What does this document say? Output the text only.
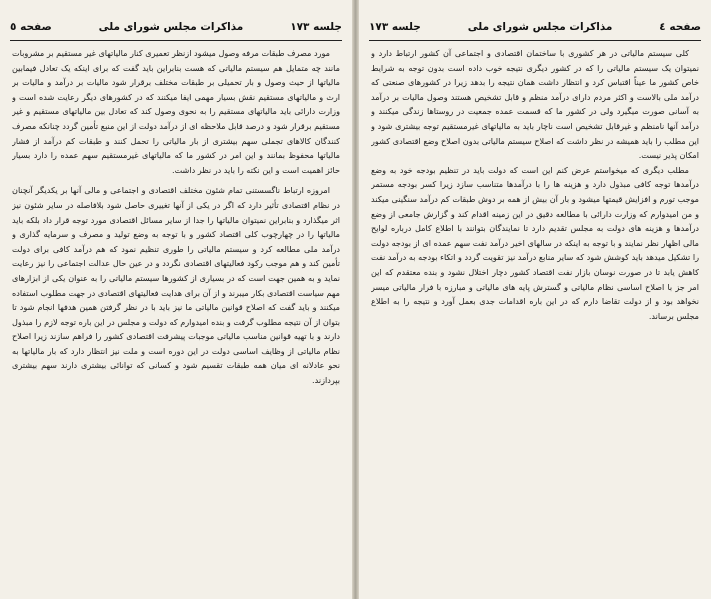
جلسه ۱۷۳
مذاکرات مجلس شورای ملی
صفحه ٥

مورد مصرف طبقات مرفه وصول میشود ازنظر تعمیری کنار مالیاتهای غیر مستقیم بر مشروبات مانند چه متمایل هم سیستم مالیاتی که هست بنابراین باید گفت که برای اینکه یک تعادل فیمابین مالیاتها از حیث وصول و بار تحمیلی بر طبقات مختلف برقرار شود مالیات بر درآمد و مالیات بر ارث و مالیاتهای مستقیم نقش بسیار مهمی ایفا میکنند که در کشورهای دیگر رعایت شده است و وزارت دارائی باید مالیاتهای مستقیم را به نحوی وصول کند که تعادل بین مالیاتهای مستقیم و غیر مستقیم برقرار شود و درصد قابل ملاحظه ای از درآمد دولت از این منبع تأمین گردد چنانکه مصرف کنندگان کالاهای تجملی سهم بیشتری از بار مالیاتی را تحمل کنند و طبقات کم درآمد از فشار مالیاتها محفوظ بمانند و این امر در کشور ما که مالیاتهای غیرمستقیم سهم عمده را دارد بسیار حائز اهمیت است و این نکته را باید در نظر داشت.

امروزه ارتباط ناگسستنی تمام شئون مختلف اقتصادی و اجتماعی و مالی آنها بر یکدیگر آنچنان در نظام اقتصادی تأثیر دارد که اگر در یکی از آنها تغییری حاصل شود بلافاصله در سایر شئون نیز اثر میگذارد و بنابراین نمیتوان مالیاتها را جدا از سایر مسائل اقتصادی مورد توجه قرار داد بلکه باید مالیاتها را در چهارچوب کلی اقتصاد کشور و با توجه به وضع تولید و مصرف و سرمایه گذاری و درآمد ملی مطالعه کرد و سیستم مالیاتی را طوری تنظیم نمود که هم درآمد کافی برای دولت تأمین کند و هم موجب رکود فعالیتهای اقتصادی نگردد و در عین حال عدالت اجتماعی را نیز رعایت نماید و به همین جهت است که در بسیاری از کشورها سیستم مالیاتی را به عنوان یکی از ابزارهای مهم سیاست اقتصادی بکار میبرند و از آن برای هدایت فعالیتهای اقتصادی در جهت مطلوب استفاده میکنند و باید گفت که اصلاح قوانین مالیاتی ما نیز باید با در نظر گرفتن همین هدفها انجام شود تا بتوان از آن نتیجه مطلوب گرفت و بنده امیدوارم که دولت و مجلس در این باره توجه لازم را مبذول دارند و با تهیه قوانین مناسب مالیاتی موجبات پیشرفت اقتصادی کشور را فراهم سازند زیرا اصلاح نظام مالیاتی از وظایف اساسی دولت در این دوره است و ملت نیز انتظار دارد که بار مالیاتها به نحو عادلانه ای میان همه طبقات تقسیم شود و کسانی که توانائی بیشتری دارند سهم بیشتری بپردازند.

صفحه ٤
مذاکرات مجلس شورای ملی
جلسه ۱۷۳

کلی سیستم مالیاتی در هر کشوری با ساختمان اقتصادی و اجتماعی آن کشور ارتباط دارد و نمیتوان یک سیستم مالیاتی را که در کشور دیگری نتیجه خوب داده است بدون توجه به شرایط خاص کشور ما عیناً اقتباس کرد و انتظار داشت همان نتیجه را بدهد زیرا در کشورهای صنعتی که درآمد ملی بالاست و اکثر مردم دارای درآمد منظم و قابل تشخیص هستند وصول مالیات بر درآمد به آسانی صورت میگیرد ولی در کشور ما که قسمت عمده جمعیت در روستاها زندگی میکنند و درآمد آنها نامنظم و غیرقابل تشخیص است ناچار باید به مالیاتهای غیرمستقیم توجه بیشتری شود و این مطلب را باید همیشه در نظر داشت که اصلاح سیستم مالیاتی بدون اصلاح وضع اقتصادی کشور امکان پذیر نیست.

مطلب دیگری که میخواستم عرض کنم این است که دولت باید در تنظیم بودجه خود به وضع درآمدها توجه کافی مبذول دارد و هزینه ها را با درآمدها متناسب سازد زیرا کسر بودجه مستمر موجب تورم و افزایش قیمتها میشود و بار آن بیش از همه بر دوش طبقات کم درآمد سنگینی میکند و من امیدوارم که وزارت دارائی با مطالعه دقیق در این زمینه اقدام کند و گزارش جامعی از وضع درآمدها و هزینه های دولت به مجلس تقدیم دارد تا نمایندگان بتوانند با اطلاع کامل درباره لوایح مالی اظهار نظر نمایند و با توجه به اینکه در سالهای اخیر درآمد نفت سهم عمده ای از بودجه دولت را تشکیل میدهد باید کوشش شود که سایر منابع درآمد نیز تقویت گردد و اتکاء بودجه به درآمد نفت کاهش یابد تا در صورت نوسان بازار نفت اقتصاد کشور دچار اختلال نشود و بنده معتقدم که این امر جز با اصلاح اساسی نظام مالیاتی و گسترش پایه های مالیاتی و مبارزه با فرار مالیاتی میسر نخواهد بود و از دولت تقاضا دارم که در این باره اقدامات جدی بعمل آورد و نتیجه را به اطلاع مجلس برساند.
